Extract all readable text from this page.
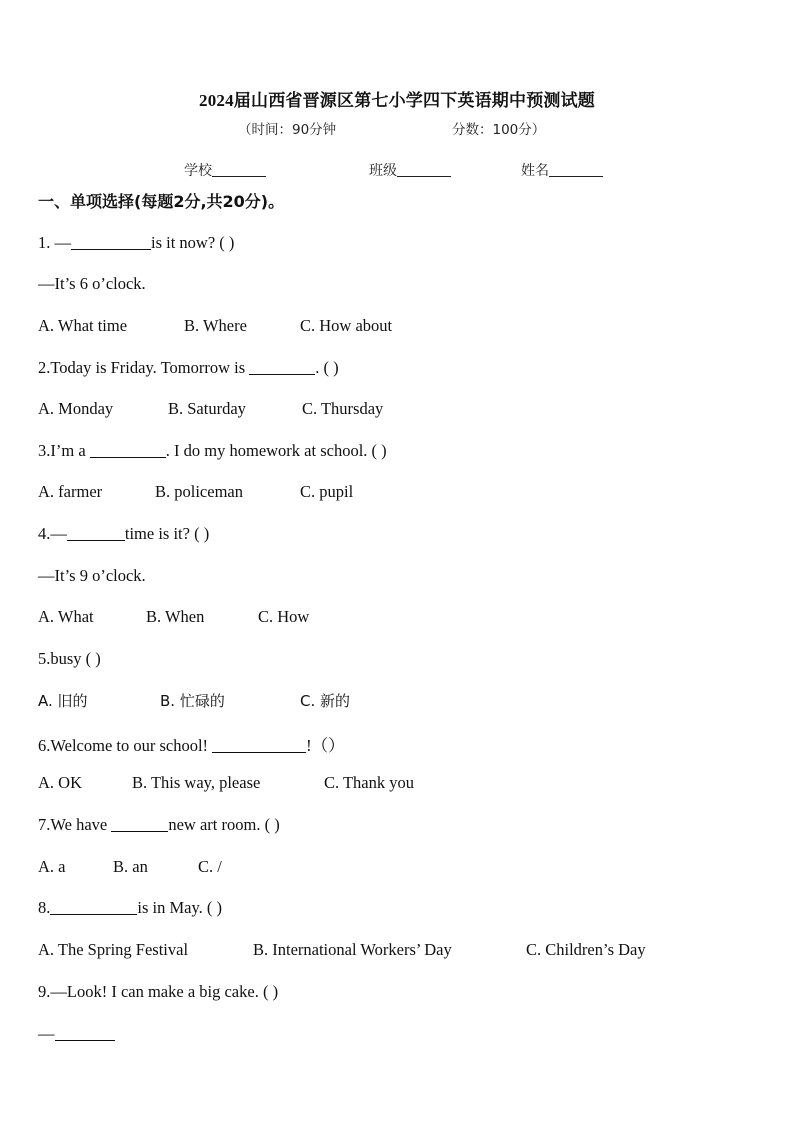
2024届山西省晋源区第七小学四下英语期中预测试题
（时间：90分钟	分数：100分）
学校	班级	姓名
一、单项选择(每题2分,共20分)。
1. —	is it now? ( )
—It’s 6 o’clock.
A. What time	B. Where	C. How about
2.Today is Friday. Tomorrow is	. ( )
A. Monday	B. Saturday	C. Thursday
3.I’m a	. I do my homework at school. ( )
A. farmer	B. policeman	C. pupil
4.—	time is it? ( )
—It’s 9 o’clock.
A. What	B. When	C. How
5.busy ( )
A. 旧的	B. 忙碌的	C. 新的
6.Welcome to our school!	!（）
A. OK	B. This way, please	C. Thank you
7.We have	new art room. ( )
A. a	B. an	C. /
8.	is in May. ( )
A. The Spring Festival	B. International Workers’ Day	C. Children’s Day
9.—Look! I can make a big cake. ( )
—
